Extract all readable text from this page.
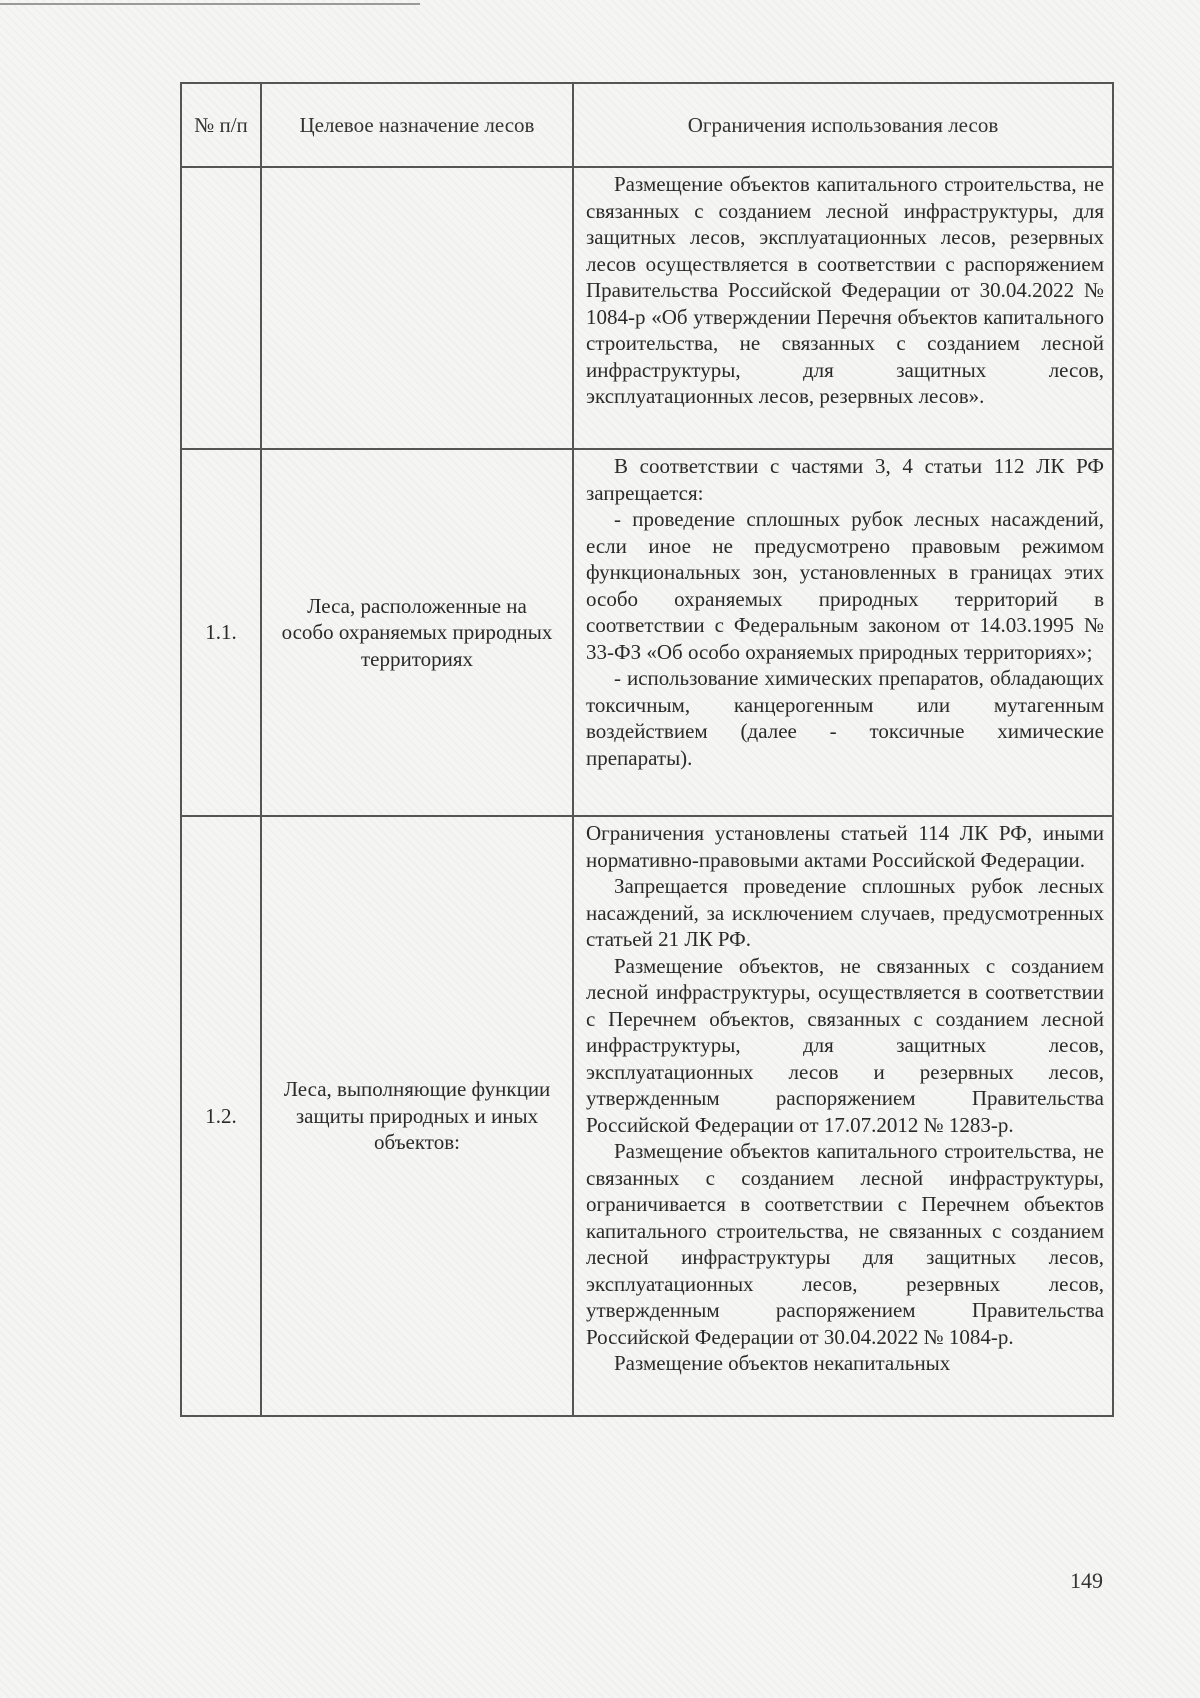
№ п/п	Целевое назначение лесов	Ограничения использования лесов

		Размещение объектов капитального строительства, не связанных с созданием лесной инфраструктуры, для защитных лесов, эксплуатационных лесов, резервных лесов осуществляется в соответствии с распоряжением Правительства Российской Федерации от 30.04.2022 № 1084-р «Об утверждении Перечня объектов капитального строительства, не связанных с созданием лесной инфраструктуры, для защитных лесов, эксплуатационных лесов, резервных лесов».

1.1.	Леса, расположенные на особо охраняемых природных территориях	В соответствии с частями 3, 4 статьи 112 ЛК РФ запрещается:

- проведение сплошных рубок лесных насаждений, если иное не предусмотрено правовым режимом функциональных зон, установленных в границах этих особо охраняемых природных территорий в соответствии с Федеральным законом от 14.03.1995 № 33-ФЗ «Об особо охраняемых природных территориях»;

- использование химических препаратов, обладающих токсичным, канцерогенным или мутагенным воздействием (далее - токсичные химические препараты).

1.2.	Леса, выполняющие функции защиты природных и иных объектов:	Ограничения установлены статьей 114 ЛК РФ, иными нормативно-правовыми актами Российской Федерации.

Запрещается проведение сплошных рубок лесных насаждений, за исключением случаев, предусмотренных статьей 21 ЛК РФ.

Размещение объектов, не связанных с созданием лесной инфраструктуры, осуществляется в соответствии с Перечнем объектов, связанных с созданием лесной инфраструктуры, для защитных лесов, эксплуатационных лесов и резервных лесов, утвержденным распоряжением Правительства Российской Федерации от 17.07.2012 № 1283-р.

Размещение объектов капитального строительства, не связанных с созданием лесной инфраструктуры, ограничивается в соответствии с Перечнем объектов капитального строительства, не связанных с созданием лесной инфраструктуры для защитных лесов, эксплуатационных лесов, резервных лесов, утвержденным распоряжением Правительства Российской Федерации от 30.04.2022 № 1084-р.

Размещение объектов некапитальных

149
